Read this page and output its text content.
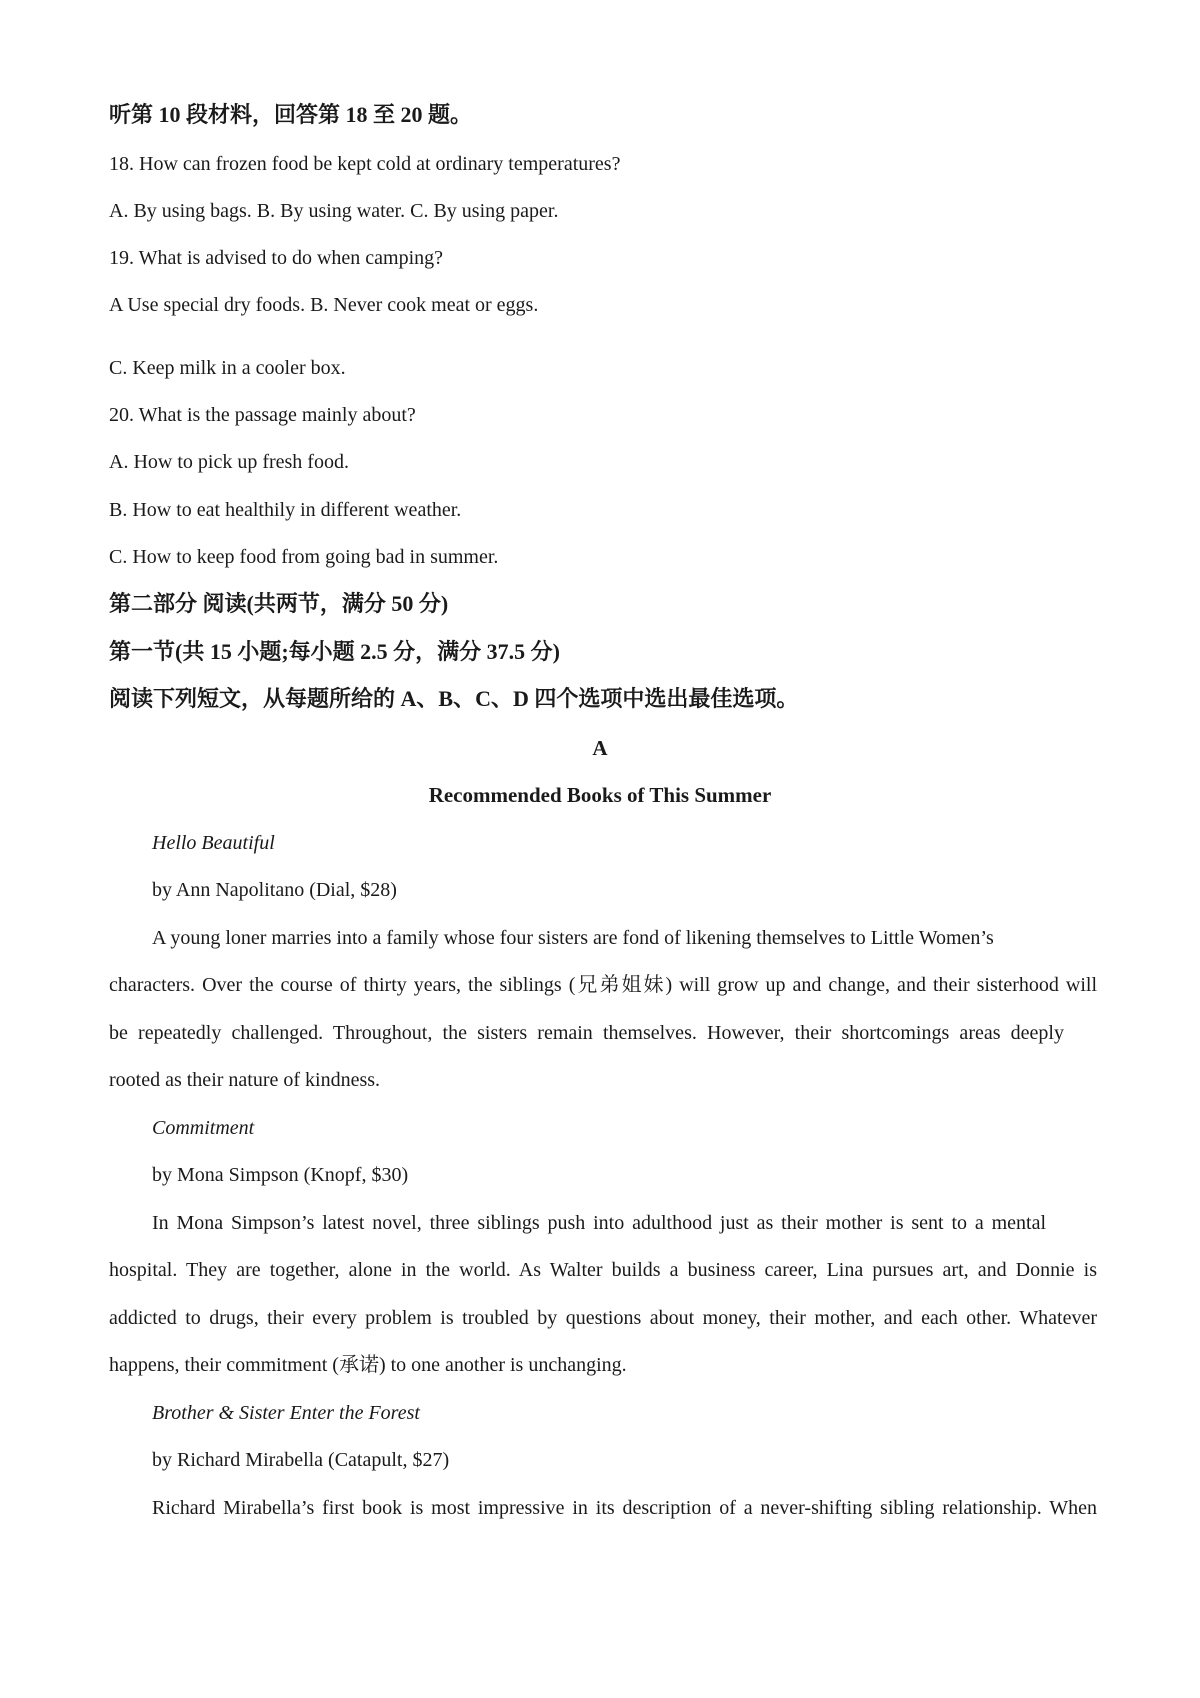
听第 10 段材料，回答第 18 至 20 题。
18. How can frozen food be kept cold at ordinary temperatures?
A. By using bags. B. By using water. C. By using paper.
19. What is advised to do when camping?
A Use special dry foods. B. Never cook meat or eggs.
C. Keep milk in a cooler box.
20. What is the passage mainly about?
A. How to pick up fresh food.
B. How to eat healthily in different weather.
C. How to keep food from going bad in summer.
第二部分 阅读(共两节，满分 50 分)
第一节(共 15 小题;每小题 2.5 分，满分 37.5 分)
阅读下列短文，从每题所给的 A、B、C、D 四个选项中选出最佳选项。
A
Recommended Books of This Summer
Hello Beautiful
by Ann Napolitano (Dial, $28)
A young loner marries into a family whose four sisters are fond of likening themselves to Little Women’s
characters. Over the course of thirty years, the siblings (兄弟姐妹) will grow up and change, and their sisterhood will
be repeatedly challenged. Throughout, the sisters remain themselves. However, their shortcomings areas deeply
rooted as their nature of kindness.
Commitment
by Mona Simpson (Knopf, $30)
In Mona Simpson’s latest novel, three siblings push into adulthood just as their mother is sent to a mental
hospital. They are together, alone in the world. As Walter builds a business career, Lina pursues art, and Donnie is
addicted to drugs, their every problem is troubled by questions about money, their mother, and each other. Whatever
happens, their commitment (承诺) to one another is unchanging.
Brother & Sister Enter the Forest
by Richard Mirabella (Catapult, $27)
Richard Mirabella’s first book is most impressive in its description of a never-shifting sibling relationship. When
